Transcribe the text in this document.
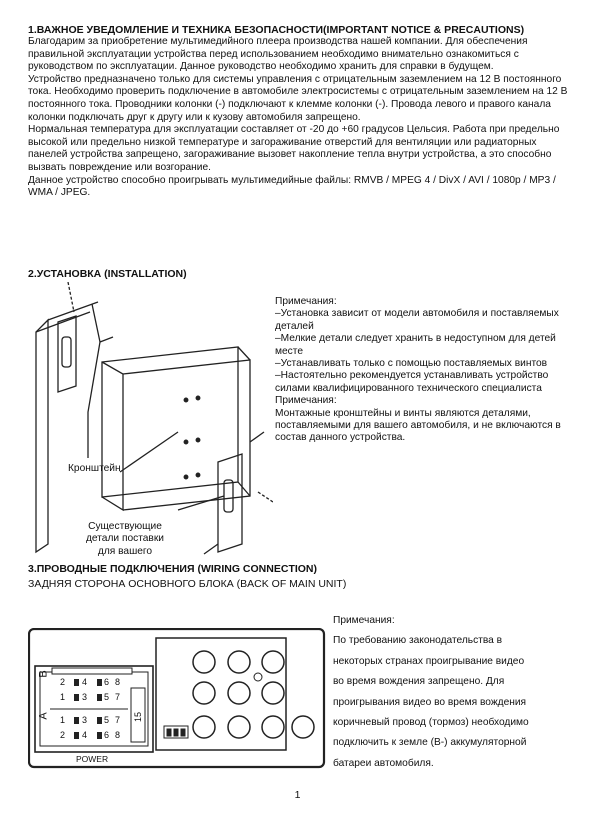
1.ВАЖНОЕ УВЕДОМЛЕНИЕ И ТЕХНИКА БЕЗОПАСНОСТИ(IMPORTANT NOTICE & PRECAUTIONS)

Благодарим за приобретение мультимедийного плеера производства нашей компании. Для обеспечения правильной эксплуатации устройства перед использованием необходимо внимательно ознакомиться с руководством по эксплуатации. Данное руководство необходимо хранить для справки в будущем.

Устройство предназначено только для системы управления с отрицательным заземлением на 12 В постоянного тока. Необходимо проверить подключение в автомобиле электросистемы с отрицательным заземлением на 12 В постоянного тока. Проводники колонки (-) подключают к клемме колонки (-). Провода левого и правого канала колонки подключать друг к другу или к кузову автомобиля запрещено.

Нормальная температура для эксплуатации составляет от -20 до +60 градусов Цельсия. Работа при предельно высокой или предельно низкой температуре и загораживание отверстий для вентиляции или радиаторных панелей устройства запрещено, загораживание вызовет накопление тепла внутри устройства, а это способно вызвать повреждение или возгорание.

Данное устройство способно проигрывать мультимедийные файлы: RMVB / MPEG 4 / DivX / AVI / 1080p / MP3 / WMA / JPEG.

2.УСТАНОВКА (INSTALLATION)
Кронштейн
Существующие
детали поставки
для вашего
Примечания:
–Установка зависит от модели автомобиля и поставляемых деталей
–Мелкие детали следует хранить в недоступном для детей месте
–Устанавливать только с помощью поставляемых винтов
–Настоятельно рекомендуется устанавливать устройство силами квалифицированного технического специалиста
Примечания:
Монтажные кронштейны и винты являются деталями, поставляемыми для вашего автомобиля, и не включаются в состав данного устройства.
3.ПРОВОДНЫЕ ПОДКЛЮЧЕНИЯ (WIRING CONNECTION)
ЗАДНЯЯ СТОРОНА ОСНОВНОГО БЛОКА (BACK OF MAIN UNIT)
Примечания:
По требованию законодательства в
некоторых странах проигрывание видео
во время вождения запрещено. Для
проигрывания видео во время вождения
коричневый провод (тормоз) необходимо
подключить к земле (B-) аккумуляторной
батареи автомобиля.
B
A	15
2 4 6 8
1 3 5 7
1 3 5 7
2 4 6 8
POWER
1
